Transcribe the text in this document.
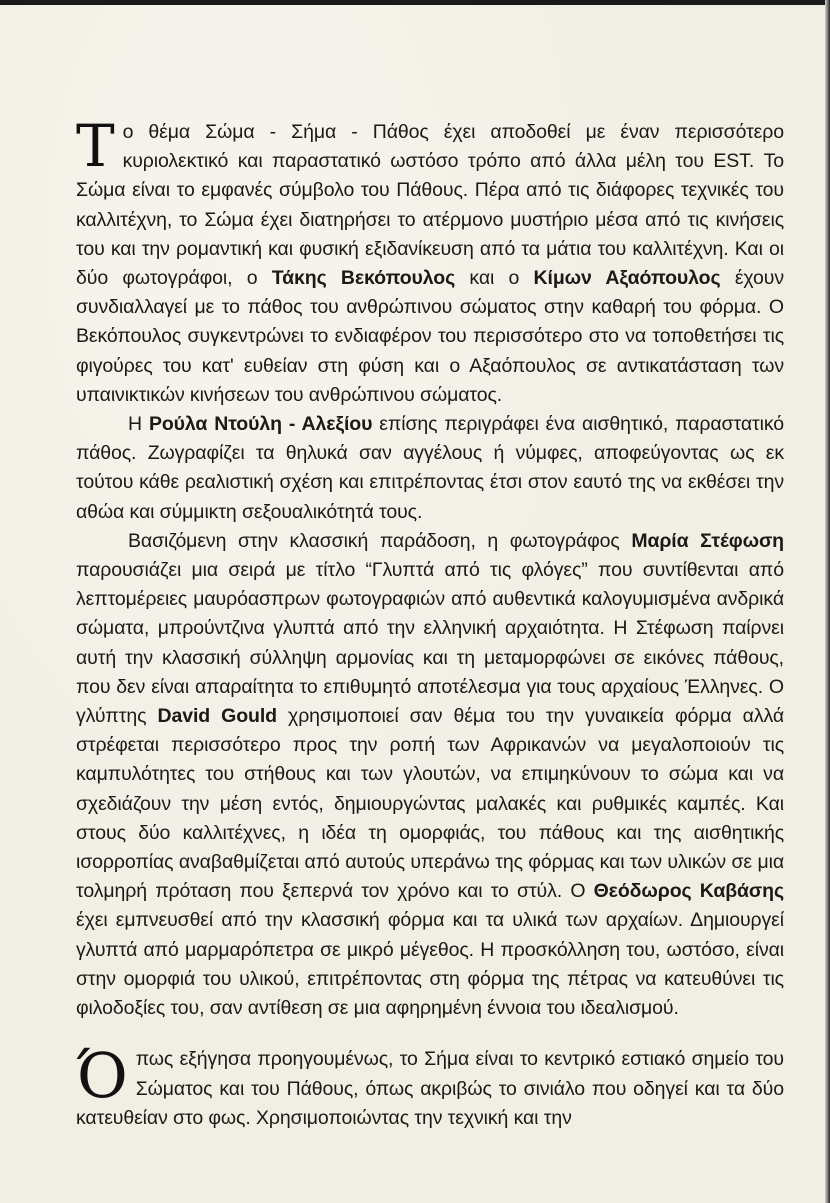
Το θέμα Σώμα - Σήμα - Πάθος έχει αποδοθεί με έναν περισσότερο κυριολεκτικό και παραστατικό ωστόσο τρόπο από άλλα μέλη του EST. Το Σώμα είναι το εμφανές σύμβολο του Πάθους. Πέρα από τις διάφορες τεχνικές του καλλιτέχνη, το Σώμα έχει διατηρήσει το ατέρμονο μυστήριο μέσα από τις κινήσεις του και την ρομαντική και φυσική εξιδανίκευση από τα μάτια του καλλιτέχνη. Και οι δύο φωτογράφοι, ο Τάκης Βεκόπουλος και ο Κίμων Αξαόπουλος έχουν συνδιαλλαγεί με το πάθος του ανθρώπινου σώματος στην καθαρή του φόρμα. Ο Βεκόπουλος συγκεντρώνει το ενδιαφέρον του περισσότερο στο να τοποθετήσει τις φιγούρες του κατ' ευθείαν στη φύση και ο Αξαόπουλος σε αντικατάσταση των υπαινικτικών κινήσεων του ανθρώπινου σώματος.

Η Ρούλα Ντούλη - Αλεξίου επίσης περιγράφει ένα αισθητικό, παραστατικό πάθος. Ζωγραφίζει τα θηλυκά σαν αγγέλους ή νύμφες, αποφεύγοντας ως εκ τούτου κάθε ρεαλιστική σχέση και επιτρέποντας έτσι στον εαυτό της να εκθέσει την αθώα και σύμμικτη σεξουαλικότητά τους.

Βασιζόμενη στην κλασσική παράδοση, η φωτογράφος Μαρία Στέφωση παρουσιάζει μια σειρά με τίτλο “Γλυπτά από τις φλόγες” που συντίθενται από λεπτομέρειες μαυρόασπρων φωτογραφιών από αυθεντικά καλογυμισμένα ανδρικά σώματα, μπρούντζινα γλυπτά από την ελληνική αρχαιότητα. Η Στέφωση παίρνει αυτή την κλασσική σύλληψη αρμονίας και τη μεταμορφώνει σε εικόνες πάθους, που δεν είναι απαραίτητα το επιθυμητό αποτέλεσμα για τους αρχαίους Έλληνες. Ο γλύπτης David Gould χρησιμοποιεί σαν θέμα του την γυναικεία φόρμα αλλά στρέφεται περισσότερο προς την ροπή των Αφρικανών να μεγαλοποιούν τις καμπυλότητες του στήθους και των γλουτών, να επιμηκύνουν το σώμα και να σχεδιάζουν την μέση εντός, δημιουργώντας μαλακές και ρυθμικές καμπές. Και στους δύο καλλιτέχνες, η ιδέα τη ομορφιάς, του πάθους και της αισθητικής ισορροπίας αναβαθμίζεται από αυτούς υπεράνω της φόρμας και των υλικών σε μια τολμηρή πρόταση που ξεπερνά τον χρόνο και το στύλ. Ο Θεόδωρος Καβάσης έχει εμπνευσθεί από την κλασσική φόρμα και τα υλικά των αρχαίων. Δημιουργεί γλυπτά από μαρμαρόπετρα σε μικρό μέγεθος. Η προσκόλληση του, ωστόσο, είναι στην ομορφιά του υλικού, επιτρέποντας στη φόρμα της πέτρας να κατευθύνει τις φιλοδοξίες του, σαν αντίθεση σε μια αφηρημένη έννοια του ιδεαλισμού.

Όπως εξήγησα προηγουμένως, το Σήμα είναι το κεντρικό εστιακό σημείο του Σώματος και του Πάθους, όπως ακριβώς το σινιάλο που οδηγεί και τα δύο κατευθείαν στο φως. Χρησιμοποιώντας την τεχνική και την
